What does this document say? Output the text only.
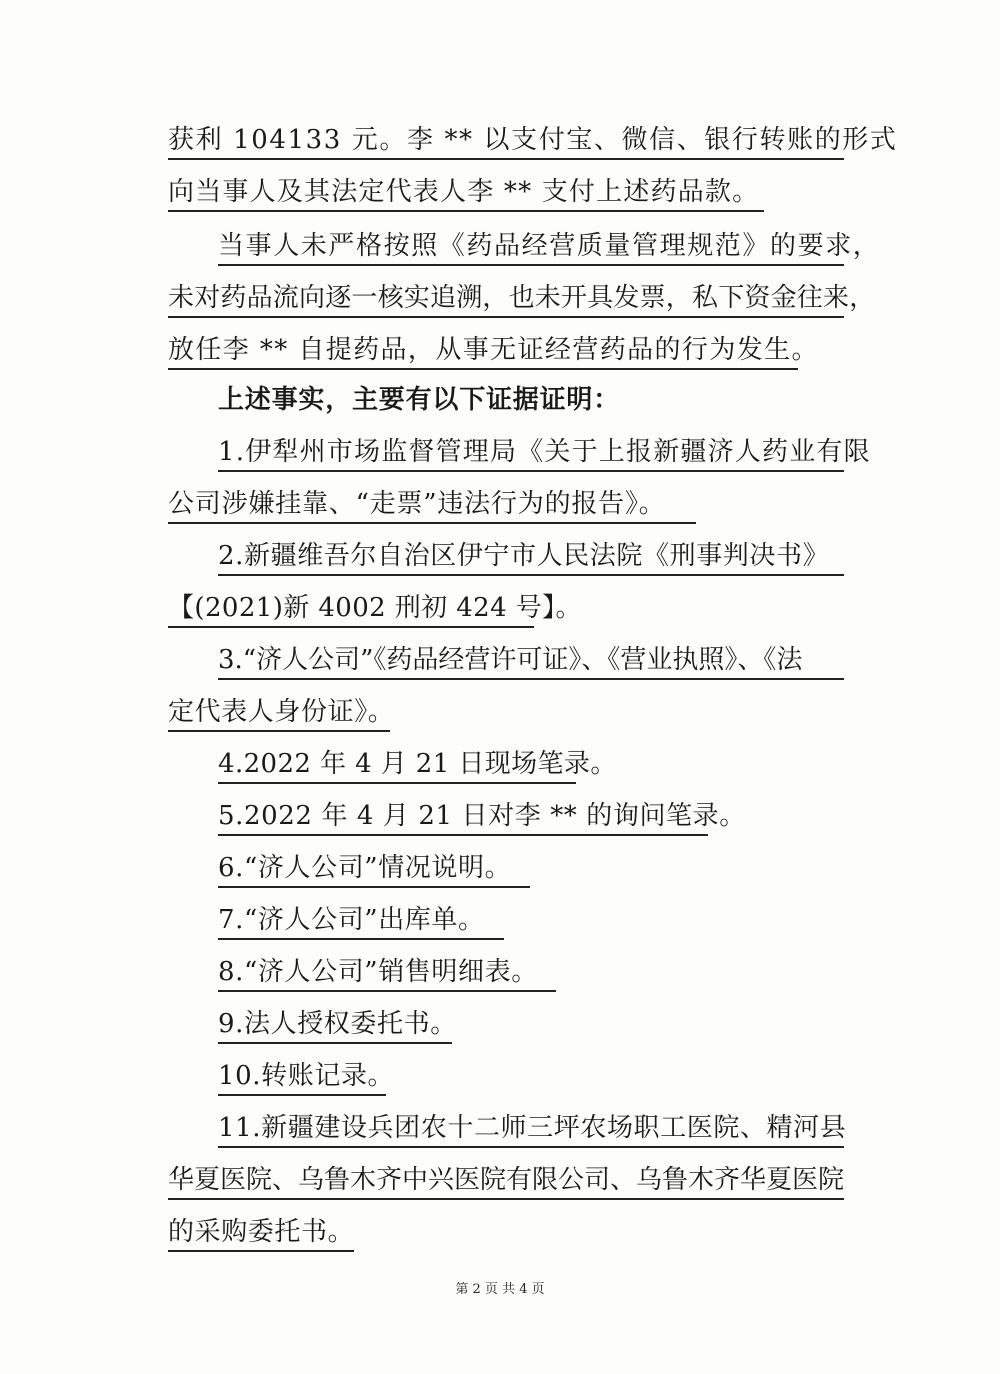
获利 104133 元。李 ** 以支付宝、微信、银行转账的形式
向当事人及其法定代表人李 ** 支付上述药品款。
当事人未严格按照《药品经营质量管理规范》的要求，
未对药品流向逐一核实追溯，也未开具发票，私下资金往来，
放任李 ** 自提药品，从事无证经营药品的行为发生。
上述事实，主要有以下证据证明：
1.伊犁州市场监督管理局《关于上报新疆济人药业有限
公司涉嫌挂靠、“走票”违法行为的报告》。
2.新疆维吾尔自治区伊宁市人民法院《刑事判决书》
【(2021)新 4002 刑初 424 号】。
3.“济人公司”《药品经营许可证》、《营业执照》、《法
定代表人身份证》。
4.2022 年 4 月 21 日现场笔录。
5.2022 年 4 月 21 日对李 ** 的询问笔录。
6.“济人公司”情况说明。
7.“济人公司”出库单。
8.“济人公司”销售明细表。
9.法人授权委托书。
10.转账记录。
11.新疆建设兵团农十二师三坪农场职工医院、精河县
华夏医院、乌鲁木齐中兴医院有限公司、乌鲁木齐华夏医院
的采购委托书。
第 2 页 共 4 页
